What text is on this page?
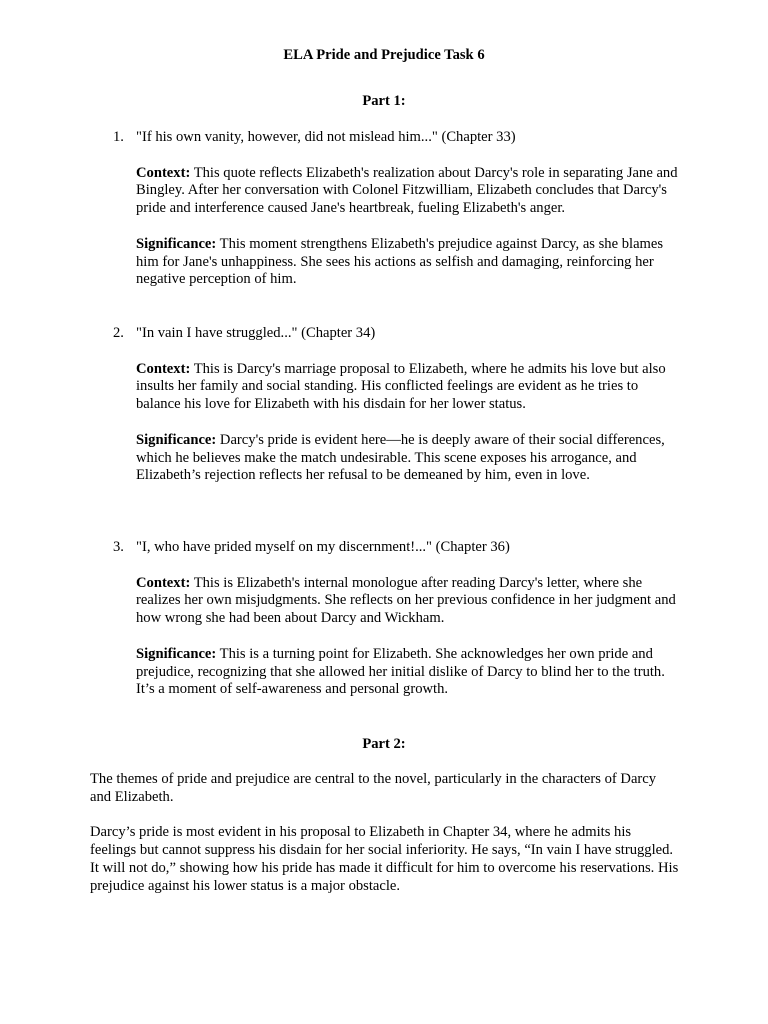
ELA Pride and Prejudice Task 6
Part 1:
1. "If his own vanity, however, did not mislead him..." (Chapter 33)

Context: This quote reflects Elizabeth's realization about Darcy's role in separating Jane and Bingley. After her conversation with Colonel Fitzwilliam, Elizabeth concludes that Darcy's pride and interference caused Jane's heartbreak, fueling Elizabeth's anger.

Significance: This moment strengthens Elizabeth's prejudice against Darcy, as she blames him for Jane's unhappiness. She sees his actions as selfish and damaging, reinforcing her negative perception of him.

2. "In vain I have struggled..." (Chapter 34)

Context: This is Darcy's marriage proposal to Elizabeth, where he admits his love but also insults her family and social standing. His conflicted feelings are evident as he tries to balance his love for Elizabeth with his disdain for her lower status.

Significance: Darcy's pride is evident here—he is deeply aware of their social differences, which he believes make the match undesirable. This scene exposes his arrogance, and Elizabeth’s rejection reflects her refusal to be demeaned by him, even in love.

3. "I, who have prided myself on my discernment!..." (Chapter 36)

Context: This is Elizabeth's internal monologue after reading Darcy's letter, where she realizes her own misjudgments. She reflects on her previous confidence in her judgment and how wrong she had been about Darcy and Wickham.

Significance: This is a turning point for Elizabeth. She acknowledges her own pride and prejudice, recognizing that she allowed her initial dislike of Darcy to blind her to the truth. It’s a moment of self-awareness and personal growth.

Part 2:

The themes of pride and prejudice are central to the novel, particularly in the characters of Darcy and Elizabeth.

Darcy’s pride is most evident in his proposal to Elizabeth in Chapter 34, where he admits his feelings but cannot suppress his disdain for her social inferiority. He says, “In vain I have struggled. It will not do,” showing how his pride has made it difficult for him to overcome his reservations. His prejudice against his lower status is a major obstacle.
